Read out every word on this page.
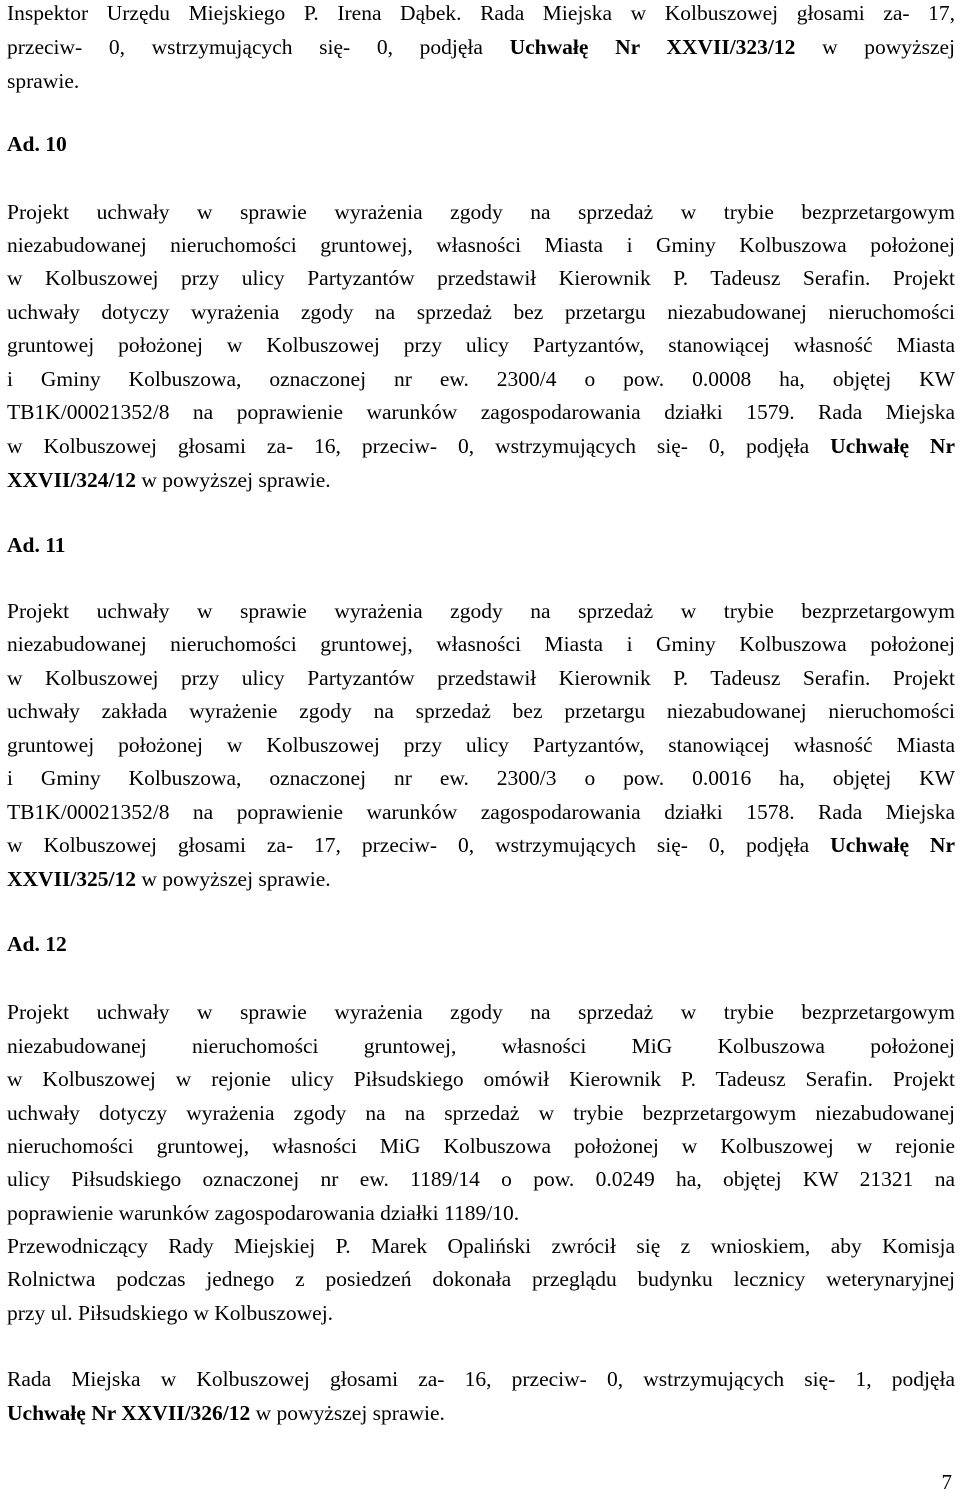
Inspektor Urzędu Miejskiego P. Irena Dąbek. Rada Miejska w Kolbuszowej głosami za- 17,
przeciw- 0, wstrzymujących się- 0, podjęła Uchwałę Nr XXVII/323/12 w powyższej
sprawie.
Ad. 10
Projekt uchwały w sprawie wyrażenia zgody na sprzedaż w trybie bezprzetargowym
niezabudowanej nieruchomości gruntowej, własności Miasta i Gminy Kolbuszowa położonej
w Kolbuszowej przy ulicy Partyzantów przedstawił Kierownik P. Tadeusz Serafin. Projekt
uchwały dotyczy wyrażenia zgody na sprzedaż bez przetargu niezabudowanej nieruchomości
gruntowej położonej w Kolbuszowej przy ulicy Partyzantów, stanowiącej własność Miasta
i Gminy Kolbuszowa, oznaczonej nr ew. 2300/4 o pow. 0.0008 ha, objętej KW
TB1K/00021352/8 na poprawienie warunków zagospodarowania działki 1579. Rada Miejska
w Kolbuszowej głosami za- 16, przeciw- 0, wstrzymujących się- 0, podjęła Uchwałę Nr
XXVII/324/12 w powyższej sprawie.
Ad. 11
Projekt uchwały w sprawie wyrażenia zgody na sprzedaż w trybie bezprzetargowym
niezabudowanej nieruchomości gruntowej, własności Miasta i Gminy Kolbuszowa położonej
w Kolbuszowej przy ulicy Partyzantów przedstawił Kierownik P. Tadeusz Serafin. Projekt
uchwały zakłada wyrażenie zgody na sprzedaż bez przetargu niezabudowanej nieruchomości
gruntowej położonej w Kolbuszowej przy ulicy Partyzantów, stanowiącej własność Miasta
i Gminy Kolbuszowa, oznaczonej nr ew. 2300/3 o pow. 0.0016 ha, objętej KW
TB1K/00021352/8 na poprawienie warunków zagospodarowania działki 1578. Rada Miejska
w Kolbuszowej głosami za- 17, przeciw- 0, wstrzymujących się- 0, podjęła Uchwałę Nr
XXVII/325/12 w powyższej sprawie.
Ad. 12
Projekt uchwały w sprawie wyrażenia zgody na sprzedaż w trybie bezprzetargowym
niezabudowanej nieruchomości gruntowej, własności MiG Kolbuszowa położonej
w Kolbuszowej w rejonie ulicy Piłsudskiego omówił Kierownik P. Tadeusz Serafin. Projekt
uchwały dotyczy wyrażenia zgody na na sprzedaż w trybie bezprzetargowym niezabudowanej
nieruchomości gruntowej, własności MiG Kolbuszowa położonej w Kolbuszowej w rejonie
ulicy Piłsudskiego oznaczonej nr ew. 1189/14 o pow. 0.0249 ha, objętej KW 21321 na
poprawienie warunków zagospodarowania działki 1189/10.
Przewodniczący Rady Miejskiej P. Marek Opaliński zwrócił się z wnioskiem, aby Komisja
Rolnictwa podczas jednego z posiedzeń dokonała przeglądu budynku lecznicy weterynaryjnej
przy ul. Piłsudskiego w Kolbuszowej.
Rada Miejska w Kolbuszowej głosami za- 16, przeciw- 0, wstrzymujących się- 1, podjęła
Uchwałę Nr XXVII/326/12 w powyższej sprawie.
7
